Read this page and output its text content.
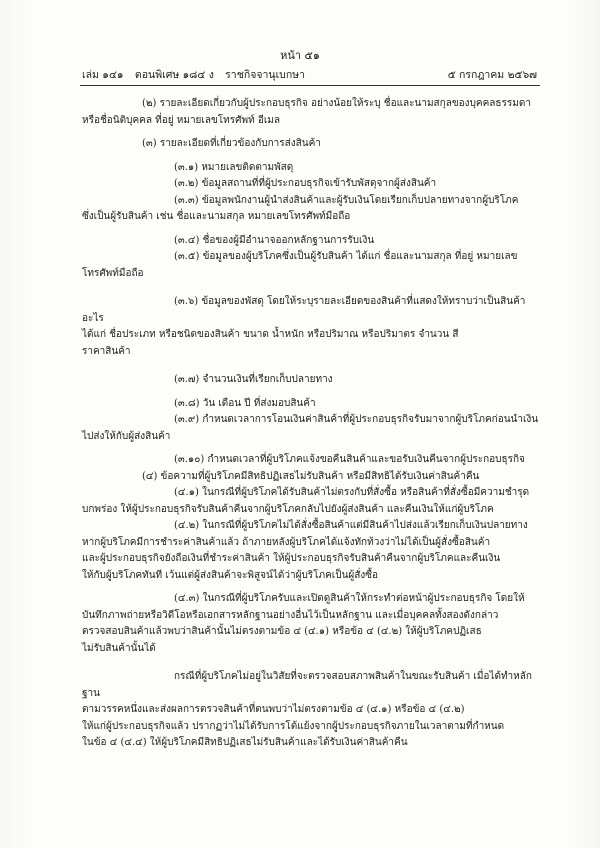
หน้า ๕๑
เล่ม ๑๔๑ ตอนพิเศษ ๑๘๔ ง ราชกิจจานุเบกษา	๕ กรกฎาคม ๒๕๖๗

(๒) รายละเอียดเกี่ยวกับผู้ประกอบธุรกิจ อย่างน้อยให้ระบุ ชื่อและนามสกุลของบุคคลธรรมดา

หรือชื่อนิติบุคคล ที่อยู่ หมายเลขโทรศัพท์ อีเมล

(๓) รายละเอียดที่เกี่ยวข้องกับการส่งสินค้า

(๓.๑) หมายเลขติดตามพัสดุ

(๓.๒) ข้อมูลสถานที่ที่ผู้ประกอบธุรกิจเข้ารับพัสดุจากผู้ส่งสินค้า

(๓.๓) ข้อมูลพนักงานผู้นำส่งสินค้าและผู้รับเงินโดยเรียกเก็บปลายทางจากผู้บริโภค

ซึ่งเป็นผู้รับสินค้า เช่น ชื่อและนามสกุล หมายเลขโทรศัพท์มือถือ

(๓.๔) ชื่อของผู้มีอำนาจออกหลักฐานการรับเงิน

(๓.๕) ข้อมูลของผู้บริโภคซึ่งเป็นผู้รับสินค้า ได้แก่ ชื่อและนามสกุล ที่อยู่ หมายเลข

โทรศัพท์มือถือ

(๓.๖) ข้อมูลของพัสดุ โดยให้ระบุรายละเอียดของสินค้าที่แสดงให้ทราบว่าเป็นสินค้าอะไร

ได้แก่ ชื่อประเภท หรือชนิดของสินค้า ขนาด น้ำหนัก หรือปริมาณ หรือปริมาตร จำนวน สี

ราคาสินค้า

(๓.๗) จำนวนเงินที่เรียกเก็บปลายทาง

(๓.๘) วัน เดือน ปี ที่ส่งมอบสินค้า

(๓.๙) กำหนดเวลาการโอนเงินค่าสินค้าที่ผู้ประกอบธุรกิจรับมาจากผู้บริโภคก่อนนำเงิน

ไปส่งให้กับผู้ส่งสินค้า

(๓.๑๐) กำหนดเวลาที่ผู้บริโภคแจ้งขอคืนสินค้าและขอรับเงินคืนจากผู้ประกอบธุรกิจ

(๔) ข้อความที่ผู้บริโภคมีสิทธิปฏิเสธไม่รับสินค้า หรือมีสิทธิได้รับเงินค่าสินค้าคืน

(๔.๑) ในกรณีที่ผู้บริโภคได้รับสินค้าไม่ตรงกับที่สั่งซื้อ หรือสินค้าที่สั่งซื้อมีความชำรุด

บกพร่อง ให้ผู้ประกอบธุรกิจรับสินค้าคืนจากผู้บริโภคกลับไปยังผู้ส่งสินค้า และคืนเงินให้แก่ผู้บริโภค

(๔.๒) ในกรณีที่ผู้บริโภคไม่ได้สั่งซื้อสินค้าแต่มีสินค้าไปส่งแล้วเรียกเก็บเงินปลายทาง

หากผู้บริโภคมีการชำระค่าสินค้าแล้ว ถ้าภายหลังผู้บริโภคได้แจ้งทักท้วงว่าไม่ได้เป็นผู้สั่งซื้อสินค้า

และผู้ประกอบธุรกิจยังถือเงินที่ชำระค่าสินค้า ให้ผู้ประกอบธุรกิจรับสินค้าคืนจากผู้บริโภคและคืนเงิน

ให้กับผู้บริโภคทันที เว้นแต่ผู้ส่งสินค้าจะพิสูจน์ได้ว่าผู้บริโภคเป็นผู้สั่งซื้อ

(๔.๓) ในกรณีที่ผู้บริโภครับและเปิดดูสินค้าให้กระทำต่อหน้าผู้ประกอบธุรกิจ โดยให้

บันทึกภาพถ่ายหรือวิดีโอหรือเอกสารหลักฐานอย่างอื่นไว้เป็นหลักฐาน และเมื่อบุคคลทั้งสองดังกล่าว

ตรวจสอบสินค้าแล้วพบว่าสินค้านั้นไม่ตรงตามข้อ ๔ (๔.๑) หรือข้อ ๔ (๔.๒) ให้ผู้บริโภคปฏิเสธ

ไม่รับสินค้านั้นได้

กรณีที่ผู้บริโภคไม่อยู่ในวิสัยที่จะตรวจสอบสภาพสินค้าในขณะรับสินค้า เมื่อได้ทำหลักฐาน

ตามวรรคหนึ่งและส่งผลการตรวจสินค้าที่ตนพบว่าไม่ตรงตามข้อ ๔ (๔.๑) หรือข้อ ๔ (๔.๒)

ให้แก่ผู้ประกอบธุรกิจแล้ว ปรากฏว่าไม่ได้รับการโต้แย้งจากผู้ประกอบธุรกิจภายในเวลาตามที่กำหนด

ในข้อ ๔ (๔.๔) ให้ผู้บริโภคมีสิทธิปฏิเสธไม่รับสินค้าและได้รับเงินค่าสินค้าคืน
